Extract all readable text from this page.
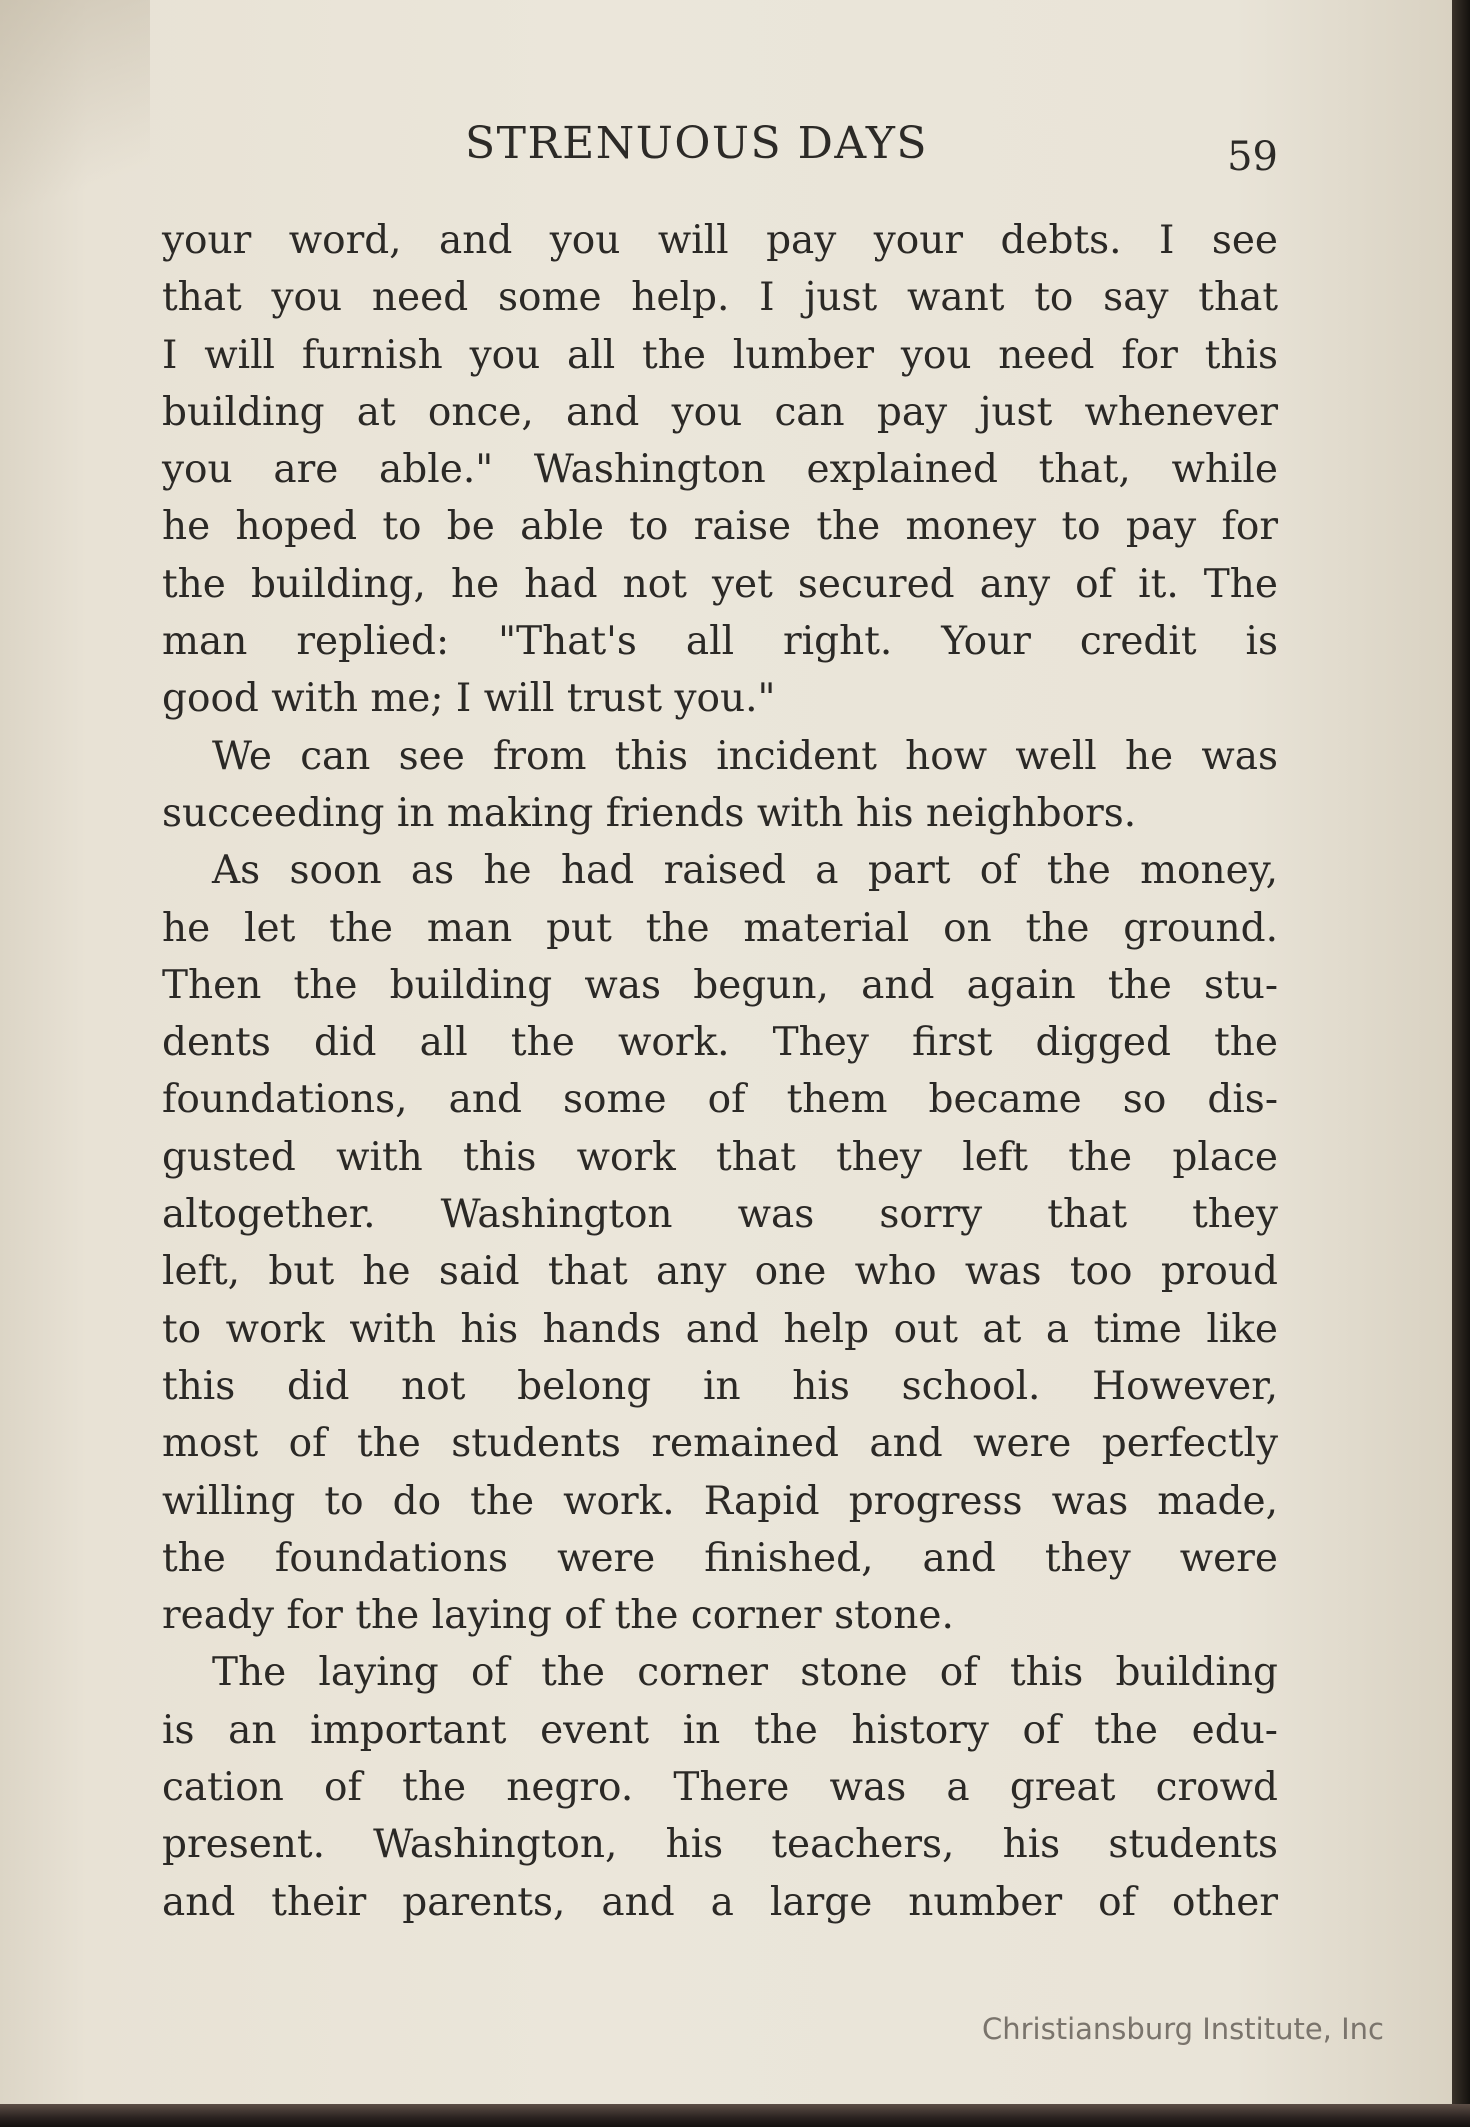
STRENUOUS DAYS	59
your word, and you will pay your debts. I see
that you need some help. I just want to say that
I will furnish you all the lumber you need for this
building at once, and you can pay just whenever
you are able." Washington explained that, while
he hoped to be able to raise the money to pay for
the building, he had not yet secured any of it. The
man replied: "That's all right. Your credit is
good with me; I will trust you."
We can see from this incident how well he was
succeeding in making friends with his neighbors.
As soon as he had raised a part of the money,
he let the man put the material on the ground.
Then the building was begun, and again the stu-
dents did all the work. They first digged the
foundations, and some of them became so dis-
gusted with this work that they left the place
altogether. Washington was sorry that they
left, but he said that any one who was too proud
to work with his hands and help out at a time like
this did not belong in his school. However,
most of the students remained and were perfectly
willing to do the work. Rapid progress was made,
the foundations were finished, and they were
ready for the laying of the corner stone.
The laying of the corner stone of this building
is an important event in the history of the edu-
cation of the negro. There was a great crowd
present. Washington, his teachers, his students
and their parents, and a large number of other
Christiansburg Institute, Inc
